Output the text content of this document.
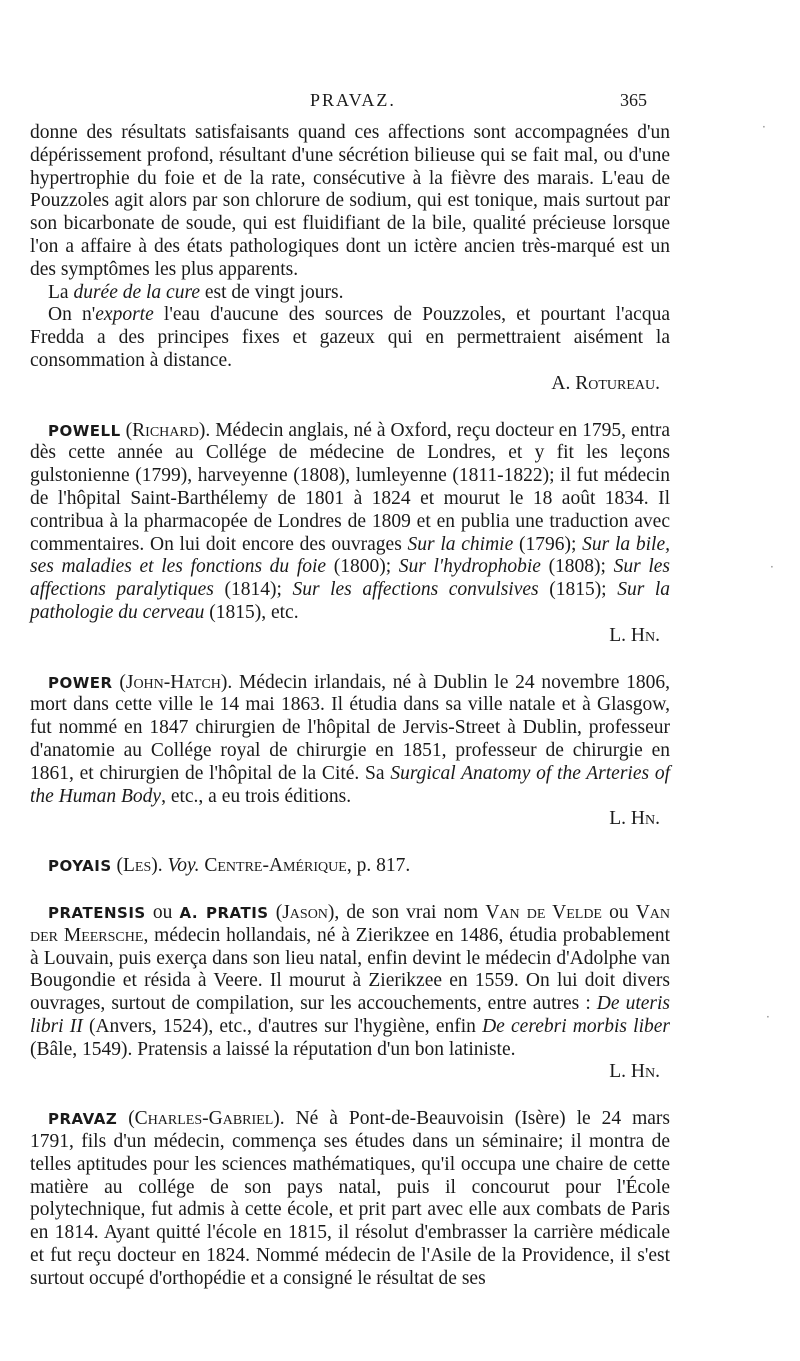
PRAVAZ.	365

donne des résultats satisfaisants quand ces affections sont accompagnées d'un dépérissement profond, résultant d'une sécrétion bilieuse qui se fait mal, ou d'une hypertrophie du foie et de la rate, consécutive à la fièvre des marais. L'eau de Pouzzoles agit alors par son chlorure de sodium, qui est tonique, mais surtout par son bicarbonate de soude, qui est fluidifiant de la bile, qualité précieuse lorsque l'on a affaire à des états pathologiques dont un ictère ancien très-marqué est un des symptômes les plus apparents.

La durée de la cure est de vingt jours.

On n'exporte l'eau d'aucune des sources de Pouzzoles, et pourtant l'acqua Fredda a des principes fixes et gazeux qui en permettraient aisément la consommation à distance.

A. Rotureau.

POWELL (Richard). Médecin anglais, né à Oxford, reçu docteur en 1795, entra dès cette année au Collége de médecine de Londres, et y fit les leçons gulstonienne (1799), harveyenne (1808), lumleyenne (1811-1822); il fut médecin de l'hôpital Saint-Barthélemy de 1801 à 1824 et mourut le 18 août 1834. Il contribua à la pharmacopée de Londres de 1809 et en publia une traduction avec commentaires. On lui doit encore des ouvrages Sur la chimie (1796); Sur la bile, ses maladies et les fonctions du foie (1800); Sur l'hydrophobie (1808); Sur les affections paralytiques (1814); Sur les affections convulsives (1815); Sur la pathologie du cerveau (1815), etc.

L. Hn.

POWER (John-Hatch). Médecin irlandais, né à Dublin le 24 novembre 1806, mort dans cette ville le 14 mai 1863. Il étudia dans sa ville natale et à Glasgow, fut nommé en 1847 chirurgien de l'hôpital de Jervis-Street à Dublin, professeur d'anatomie au Collége royal de chirurgie en 1851, professeur de chirurgie en 1861, et chirurgien de l'hôpital de la Cité. Sa Surgical Anatomy of the Arteries of the Human Body, etc., a eu trois éditions.

L. Hn.

POYAIS (Les). Voy. Centre-Amérique, p. 817.

PRATENSIS ou A. PRATIS (Jason), de son vrai nom Van de Velde ou Van der Meersche, médecin hollandais, né à Zierikzee en 1486, étudia probablement à Louvain, puis exerça dans son lieu natal, enfin devint le médecin d'Adolphe van Bougondie et résida à Veere. Il mourut à Zierikzee en 1559. On lui doit divers ouvrages, surtout de compilation, sur les accouchements, entre autres : De uteris libri II (Anvers, 1524), etc., d'autres sur l'hygiène, enfin De cerebri morbis liber (Bâle, 1549). Pratensis a laissé la réputation d'un bon latiniste.

L. Hn.

PRAVAZ (Charles-Gabriel). Né à Pont-de-Beauvoisin (Isère) le 24 mars 1791, fils d'un médecin, commença ses études dans un séminaire; il montra de telles aptitudes pour les sciences mathématiques, qu'il occupa une chaire de cette matière au collége de son pays natal, puis il concourut pour l'École polytechnique, fut admis à cette école, et prit part avec elle aux combats de Paris en 1814. Ayant quitté l'école en 1815, il résolut d'embrasser la carrière médicale et fut reçu docteur en 1824. Nommé médecin de l'Asile de la Providence, il s'est surtout occupé d'orthopédie et a consigné le résultat de ses

·
·
·
